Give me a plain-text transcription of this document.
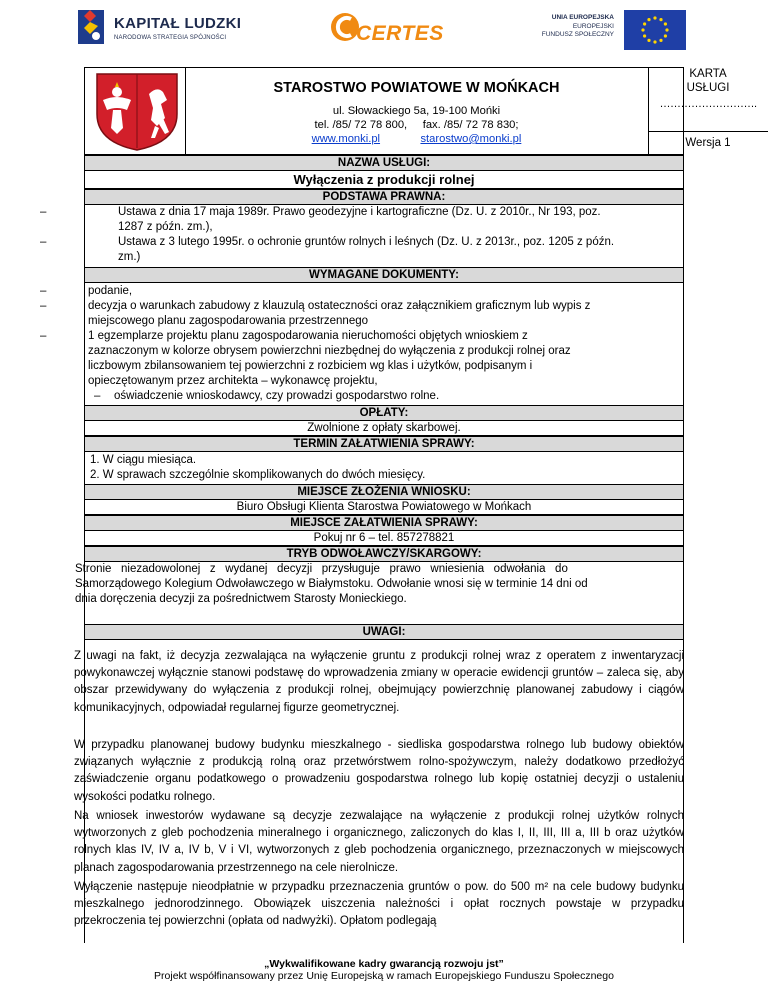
KAPITAŁ LUDZKI
NARODOWA STRATEGIA SPÓJNOŚCI	CERTES
UNIA EUROPEJSKA
EUROPEJSKI
FUNDUSZ SPOŁECZNY
STAROSTWO POWIATOWE W MOŃKACH
ul. Słowackiego 5a, 19-100 Mońki
tel. /85/ 72 78 800, fax. /85/ 72 78 830;
www.monki.pl	starostwo@monki.pl
KARTA
USŁUGI
……………………….
Wersja 1
NAZWA USŁUGI:
Wyłączenia z produkcji rolnej
PODSTAWA PRAWNA:
–	Ustawa z dnia 17 maja 1989r. Prawo geodezyjne i kartograficzne (Dz. U. z 2010r., Nr 193, poz.
1287 z późn. zm.),
–	Ustawa z 3 lutego 1995r. o ochronie gruntów rolnych i leśnych (Dz. U. z 2013r., poz. 1205 z późn.
zm.)
WYMAGANE DOKUMENTY:
–	podanie,
–	decyzja o warunkach zabudowy z klauzulą ostateczności oraz załącznikiem graficznym lub wypis z
miejscowego planu zagospodarowania przestrzennego
–	1 egzemplarze projektu planu zagospodarowania nieruchomości objętych wnioskiem z
zaznaczonym w kolorze obrysem powierzchni niezbędnej do wyłączenia z produkcji rolnej oraz
liczbowym zbilansowaniem tej powierzchni z rozbiciem wg klas i użytków, podpisanym i
opieczętowanym przez architekta – wykonawcę projektu,
– oświadczenie wnioskodawcy, czy prowadzi gospodarstwo rolne.
OPŁATY:
Zwolnione z opłaty skarbowej.
TERMIN ZAŁATWIENIA SPRAWY:
1. W ciągu miesiąca.
2. W sprawach szczególnie skomplikowanych do dwóch miesięcy.
MIEJSCE ZŁOŻENIA WNIOSKU:
Biuro Obsługi Klienta Starostwa Powiatowego w Mońkach
MIEJSCE ZAŁATWIENIA SPRAWY:
Pokuj nr 6 – tel. 857278821
TRYB ODWOŁAWCZY/SKARGOWY:
Stronie   niezadowolonej   z   wydanej   decyzji   przysługuje   prawo   wniesienia   odwołania   do
Samorządowego Kolegium Odwoławczego w Białymstoku. Odwołanie wnosi się w terminie 14 dni od
dnia doręczenia decyzji za pośrednictwem Starosty Monieckiego.
UWAGI:
Z uwagi na fakt, iż decyzja zezwalająca na wyłączenie gruntu z produkcji rolnej wraz z operatem z inwentaryzacji powykonawczej wyłącznie stanowi podstawę do wprowadzenia zmiany w operacie ewidencji gruntów – zaleca się, aby obszar przewidywany do wyłączenia z produkcji rolnej, obejmujący powierzchnię planowanej zabudowy i ciągów komunikacyjnych, odpowiadał regularnej figurze geometrycznej.
W przypadku planowanej budowy budynku mieszkalnego - siedliska gospodarstwa rolnego lub budowy obiektów związanych wyłącznie z produkcją rolną oraz przetwórstwem rolno-spożywczym, należy dodatkowo przedłożyć zaświadczenie organu podatkowego o prowadzeniu gospodarstwa rolnego lub kopię ostatniej decyzji o ustaleniu wysokości podatku rolnego.
Na wniosek inwestorów wydawane są decyzje zezwalające na wyłączenie z produkcji rolnej użytków rolnych wytworzonych z gleb pochodzenia mineralnego i organicznego, zaliczonych do klas I, II, III, III a, III b oraz użytków rolnych klas IV, IV a, IV b, V i VI, wytworzonych z gleb pochodzenia organicznego, przeznaczonych w miejscowych planach zagospodarowania przestrzennego na cele nierolnicze.
Wyłączenie następuje nieodpłatnie w przypadku przeznaczenia gruntów o pow. do 500 m² na cele budowy budynku mieszkalnego jednorodzinnego. Obowiązek uiszczenia należności i opłat rocznych powstaje w przypadku przekroczenia tej powierzchni (opłata od nadwyżki). Opłatom podlegają
„Wykwalifikowane kadry gwarancją rozwoju jst”
Projekt współfinansowany przez Unię Europejską w ramach Europejskiego Funduszu Społecznego
